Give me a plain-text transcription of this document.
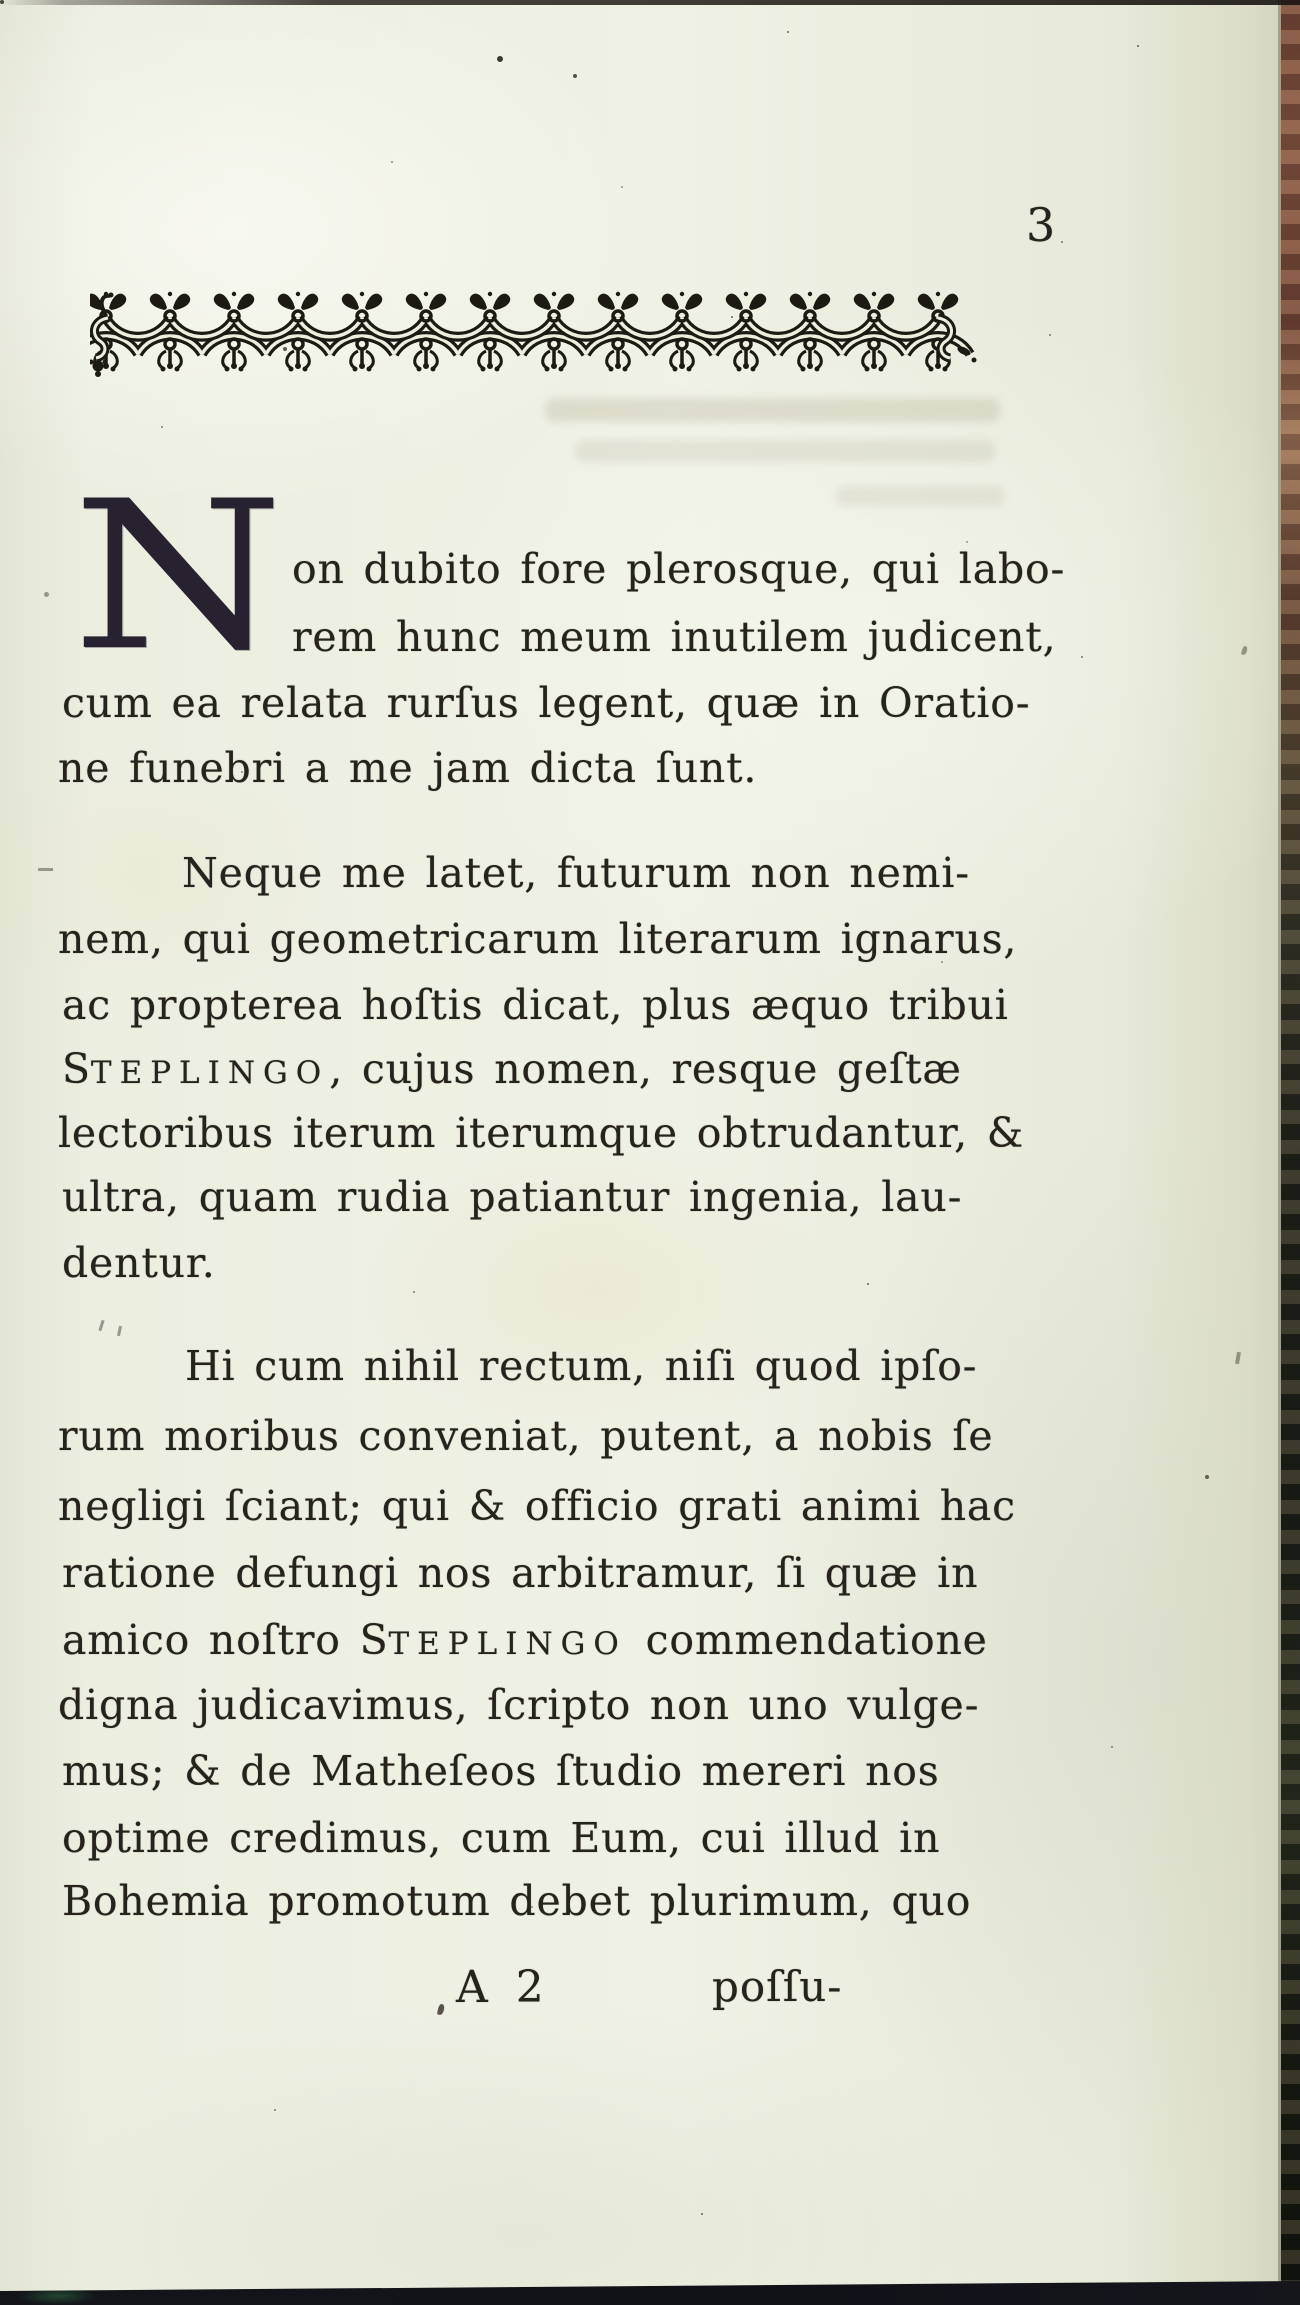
3
N on dubito fore plerosque, qui labo-
rem hunc meum inutilem judicent,
cum ea relata rurſus legent, quæ in Oratio-
ne funebri a me jam dicta ſunt.
Neque me latet, futurum non nemi-
nem, qui geometricarum literarum ignarus,
ac propterea hoſtis dicat, plus æquo tribui
STEPLINGO, cujus nomen, resque geſtæ
lectoribus iterum iterumque obtrudantur, &
ultra, quam rudia patiantur ingenia, lau-
dentur.
Hi cum nihil rectum, niſi quod ipſo-
rum moribus conveniat, putent, a nobis ſe
negligi ſciant; qui & officio grati animi hac
ratione defungi nos arbitramur, ſi quæ in
amico noſtro STEPLINGO commendatione
digna judicavimus, ſcripto non uno vulge-
mus; & de Matheſeos ſtudio mereri nos
optime credimus, cum Eum, cui illud in
Bohemia promotum debet plurimum, quo
A 2	poſſu-
